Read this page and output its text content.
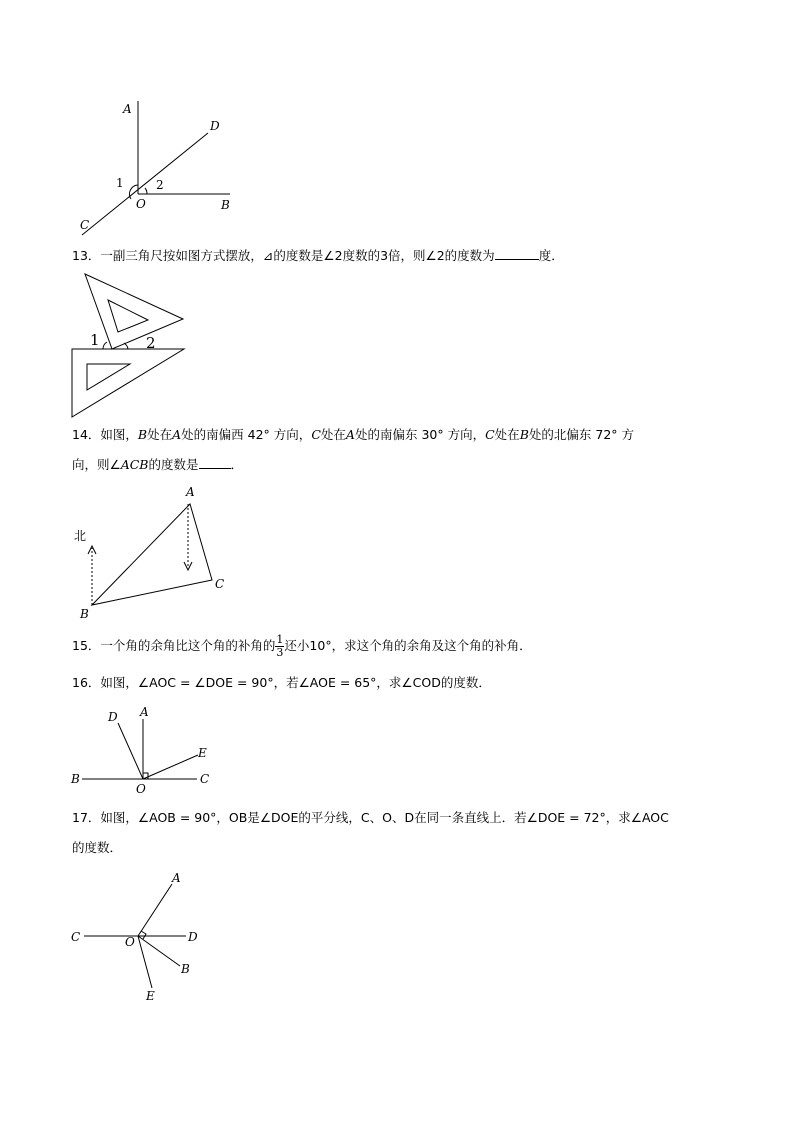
A
D
1	2
O	B
C
13．一副三角尺按如图方式摆放，⊿的度数是∠2度数的3倍，则∠2的度数为	度．
1	2
14．如图，B处在A处的南偏西 42° 方向，C处在A处的南偏东 30° 方向，C处在B处的北偏东 72° 方
向，则∠ACB的度数是	．
北
A
B
C
15．一个角的余角比这个角的补角的 $\frac{1}{3}$ 还小10°，求这个角的余角及这个角的补角．
16．如图，∠AOC = ∠DOE = 90°，若∠AOE = 65°，求∠COD的度数．
D A
E
B
O
C
17．如图，∠AOB = 90°，OB是∠DOE的平分线，C、O、D在同一条直线上．若∠DOE = 72°，求∠AOC
的度数．
A
C	O	D
B
E
